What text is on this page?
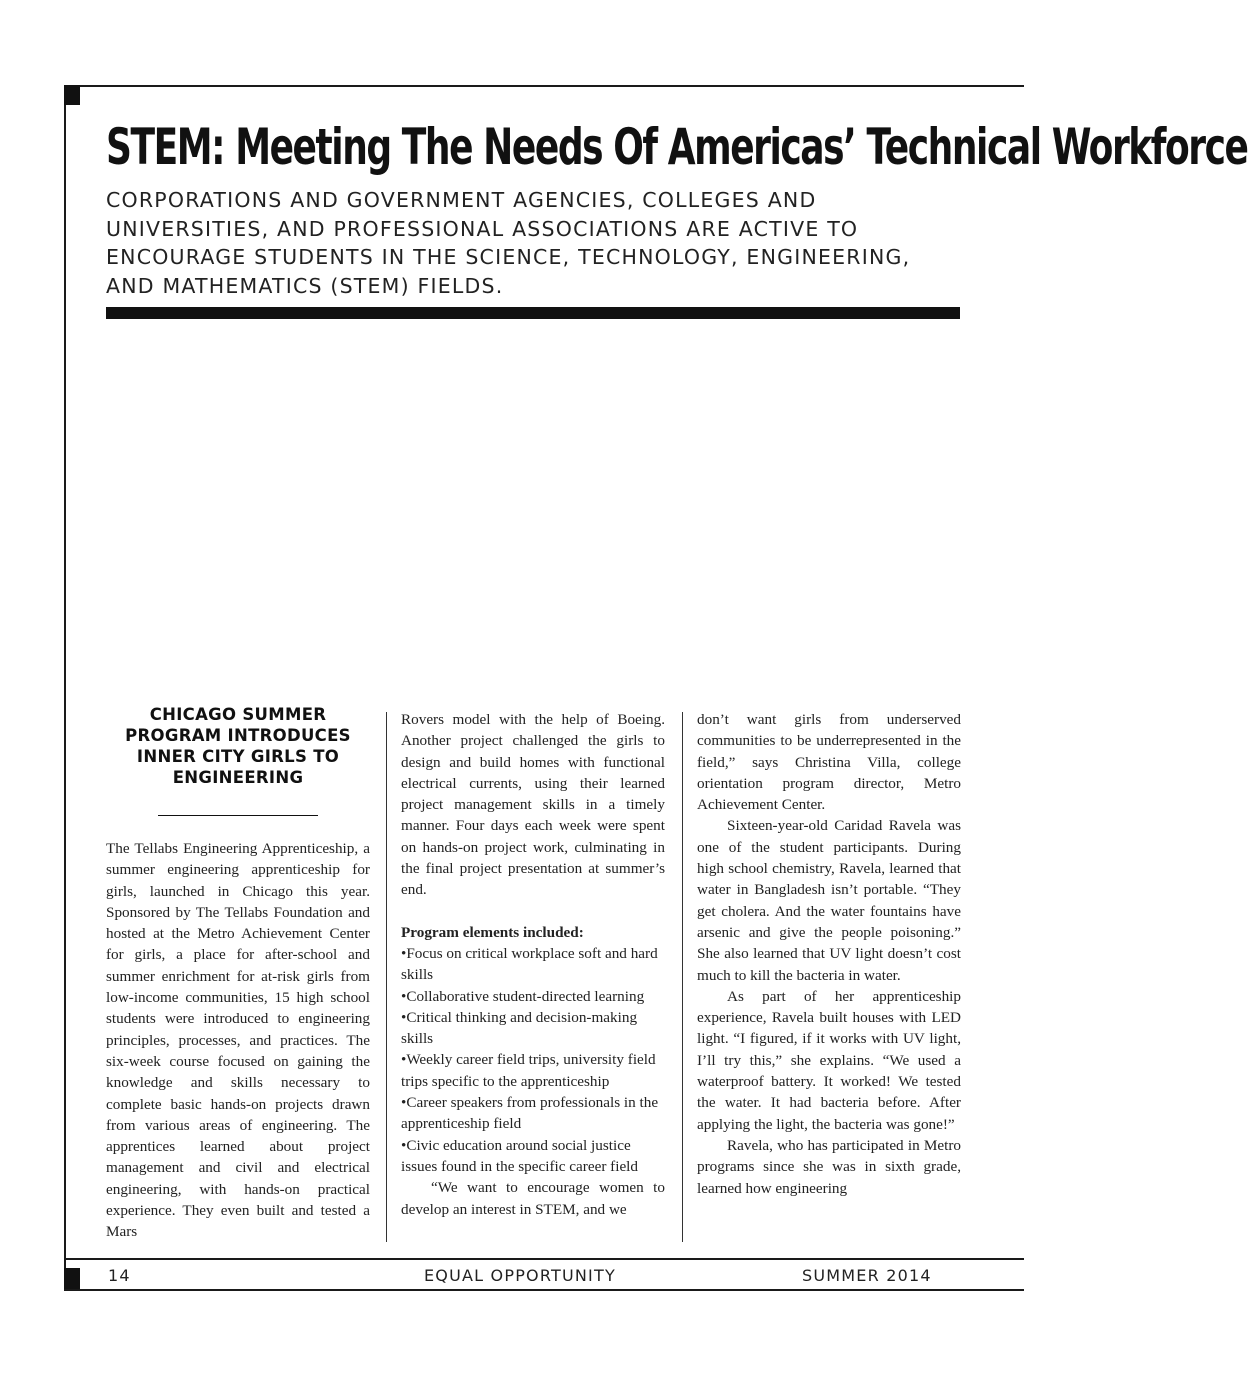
STEM: Meeting The Needs Of Americas’ Technical Workforce
CORPORATIONS AND GOVERNMENT AGENCIES, COLLEGES AND UNIVERSITIES, AND PROFESSIONAL ASSOCIATIONS ARE ACTIVE TO ENCOURAGE STUDENTS IN THE SCIENCE, TECHNOLOGY, ENGINEERING, AND MATHEMATICS (STEM) FIELDS.
CHICAGO SUMMER PROGRAM INTRODUCES INNER CITY GIRLS TO ENGINEERING

The Tellabs Engineering Apprenticeship, a summer engineering apprenticeship for girls, launched in Chicago this year. Sponsored by The Tellabs Foundation and hosted at the Metro Achievement Center for girls, a place for after-school and summer enrichment for at-risk girls from low-income communities, 15 high school students were introduced to engineering principles, processes, and practices. The six-week course focused on gaining the knowledge and skills necessary to complete basic hands-on projects drawn from various areas of engineering. The apprentices learned about project management and civil and electrical engineering, with hands-on practical experience. They even built and tested a Mars

Rovers model with the help of Boeing. Another project challenged the girls to design and build homes with functional electrical currents, using their learned project management skills in a timely manner. Four days each week were spent on hands-on project work, culminating in the final project presentation at summer’s end.

Program elements included:

•Focus on critical workplace soft and hard skills

•Collaborative student-directed learning

•Critical thinking and decision-making skills

•Weekly career field trips, university field trips specific to the apprenticeship

•Career speakers from professionals in the apprenticeship field

•Civic education around social justice issues found in the specific career field

“We want to encourage women to develop an interest in STEM, and we

don’t want girls from underserved communities to be underrepresented in the field,” says Christina Villa, college orientation program director, Metro Achievement Center.

Sixteen-year-old Caridad Ravela was one of the student participants. During high school chemistry, Ravela, learned that water in Bangladesh isn’t portable. “They get cholera. And the water fountains have arsenic and give the people poisoning.” She also learned that UV light doesn’t cost much to kill the bacteria in water.

As part of her apprenticeship experience, Ravela built houses with LED light. “I figured, if it works with UV light, I’ll try this,” she explains. “We used a waterproof battery. It worked! We tested the water. It had bacteria before. After applying the light, the bacteria was gone!”

Ravela, who has participated in Metro programs since she was in sixth grade, learned how engineering

14	EQUAL OPPORTUNITY	SUMMER 2014
